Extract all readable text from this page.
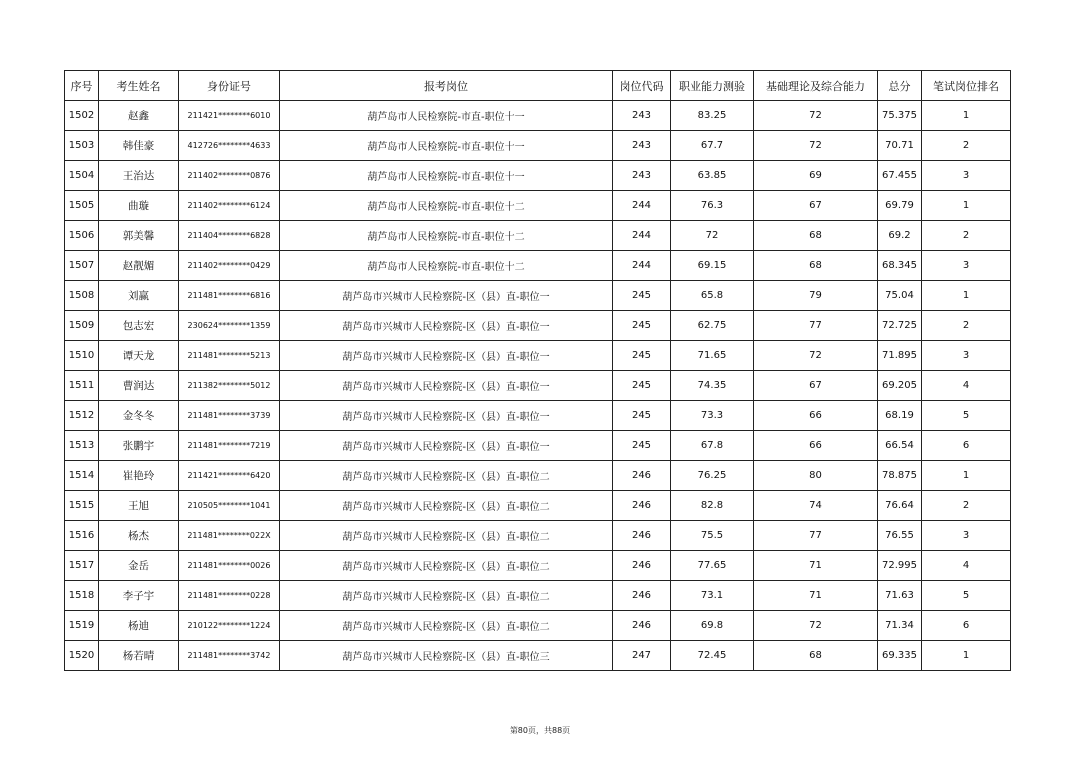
序号	考生姓名	身份证号	报考岗位	岗位代码	职业能力测验	基础理论及综合能力	总分	笔试岗位排名
1502	赵鑫	211421********6010	葫芦岛市人民检察院-市直-职位十一	243	83.25	72	75.375	1
1503	韩佳豪	412726********4633	葫芦岛市人民检察院-市直-职位十一	243	67.7	72	70.71	2
1504	王治达	211402********0876	葫芦岛市人民检察院-市直-职位十一	243	63.85	69	67.455	3
1505	曲璇	211402********6124	葫芦岛市人民检察院-市直-职位十二	244	76.3	67	69.79	1
1506	郭美馨	211404********6828	葫芦岛市人民检察院-市直-职位十二	244	72	68	69.2	2
1507	赵靓媚	211402********0429	葫芦岛市人民检察院-市直-职位十二	244	69.15	68	68.345	3
1508	刘赢	211481********6816	葫芦岛市兴城市人民检察院-区（县）直-职位一	245	65.8	79	75.04	1
1509	包志宏	230624********1359	葫芦岛市兴城市人民检察院-区（县）直-职位一	245	62.75	77	72.725	2
1510	谭天龙	211481********5213	葫芦岛市兴城市人民检察院-区（县）直-职位一	245	71.65	72	71.895	3
1511	曹润达	211382********5012	葫芦岛市兴城市人民检察院-区（县）直-职位一	245	74.35	67	69.205	4
1512	金冬冬	211481********3739	葫芦岛市兴城市人民检察院-区（县）直-职位一	245	73.3	66	68.19	5
1513	张鹏宇	211481********7219	葫芦岛市兴城市人民检察院-区（县）直-职位一	245	67.8	66	66.54	6
1514	崔艳玲	211421********6420	葫芦岛市兴城市人民检察院-区（县）直-职位二	246	76.25	80	78.875	1
1515	王旭	210505********1041	葫芦岛市兴城市人民检察院-区（县）直-职位二	246	82.8	74	76.64	2
1516	杨杰	211481********022X	葫芦岛市兴城市人民检察院-区（县）直-职位二	246	75.5	77	76.55	3
1517	金岳	211481********0026	葫芦岛市兴城市人民检察院-区（县）直-职位二	246	77.65	71	72.995	4
1518	李子宇	211481********0228	葫芦岛市兴城市人民检察院-区（县）直-职位二	246	73.1	71	71.63	5
1519	杨迪	210122********1224	葫芦岛市兴城市人民检察院-区（县）直-职位二	246	69.8	72	71.34	6
1520	杨若晴	211481********3742	葫芦岛市兴城市人民检察院-区（县）直-职位三	247	72.45	68	69.335	1
第80页，共88页
